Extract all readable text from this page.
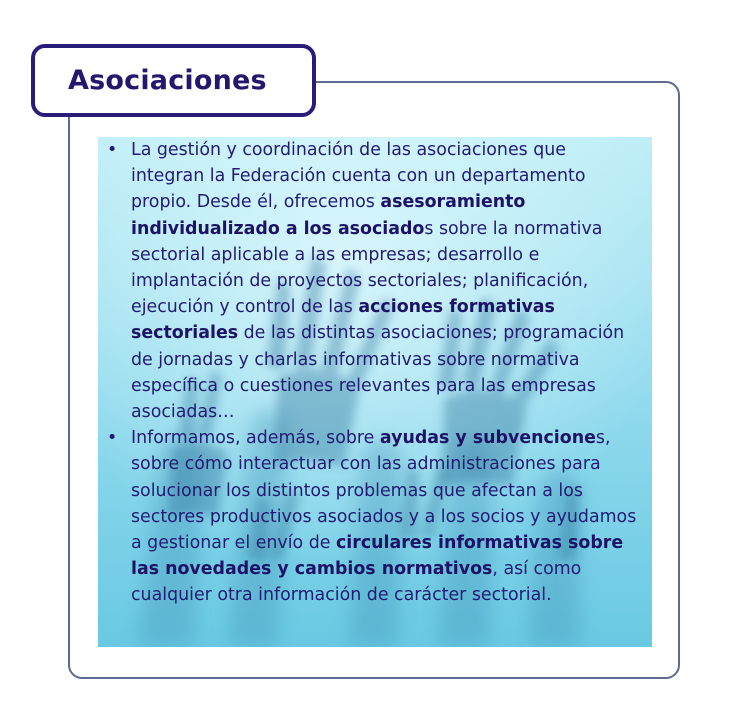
Asociaciones
• La gestión y coordinación de las asociaciones que integran la Federación cuenta con un departamento propio. Desde él, ofrecemos asesoramiento individualizado a los asociados sobre la normativa sectorial aplicable a las empresas; desarrollo e implantación de proyectos sectoriales; planificación, ejecución y control de las acciones formativas sectoriales de las distintas asociaciones; programación de jornadas y charlas informativas sobre normativa específica o cuestiones relevantes para las empresas asociadas…
• Informamos, además, sobre ayudas y subvenciones, sobre cómo interactuar con las administraciones para solucionar los distintos problemas que afectan a los sectores productivos asociados y a los socios y ayudamos a gestionar el envío de circulares informativas sobre las novedades y cambios normativos, así como cualquier otra información de carácter sectorial.
